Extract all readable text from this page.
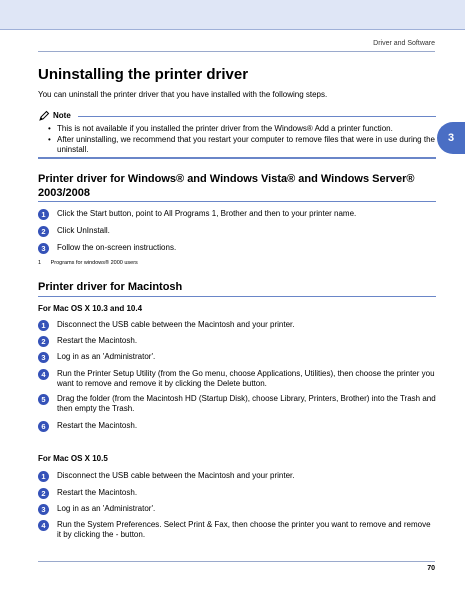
Driver and Software
3
Uninstalling the printer driver
You can uninstall the printer driver that you have installed with the following steps.
Note
• This is not available if you installed the printer driver from the Windows® Add a printer function.
• After uninstalling, we recommend that you restart your computer to remove files that were in use during the uninstall.
Printer driver for Windows® and Windows Vista® and Windows Server® 2003/2008
1	Click the Start button, point to All Programs 1, Brother and then to your printer name.
2	Click UnInstall.
3	Follow the on-screen instructions.
1 Programs for windows® 2000 users
Printer driver for Macintosh
For Mac OS X 10.3 and 10.4
1	Disconnect the USB cable between the Macintosh and your printer.
2	Restart the Macintosh.
3	Log in as an 'Administrator'.
4	Run the Printer Setup Utility (from the Go menu, choose Applications, Utilities), then choose the printer you want to remove and remove it by clicking the Delete button.
5	Drag the folder (from the Macintosh HD (Startup Disk), choose Library, Printers, Brother) into the Trash and then empty the Trash.
6	Restart the Macintosh.
For Mac OS X 10.5
1	Disconnect the USB cable between the Macintosh and your printer.
2	Restart the Macintosh.
3	Log in as an 'Administrator'.
4	Run the System Preferences. Select Print & Fax, then choose the printer you want to remove and remove it by clicking the - button.
70
